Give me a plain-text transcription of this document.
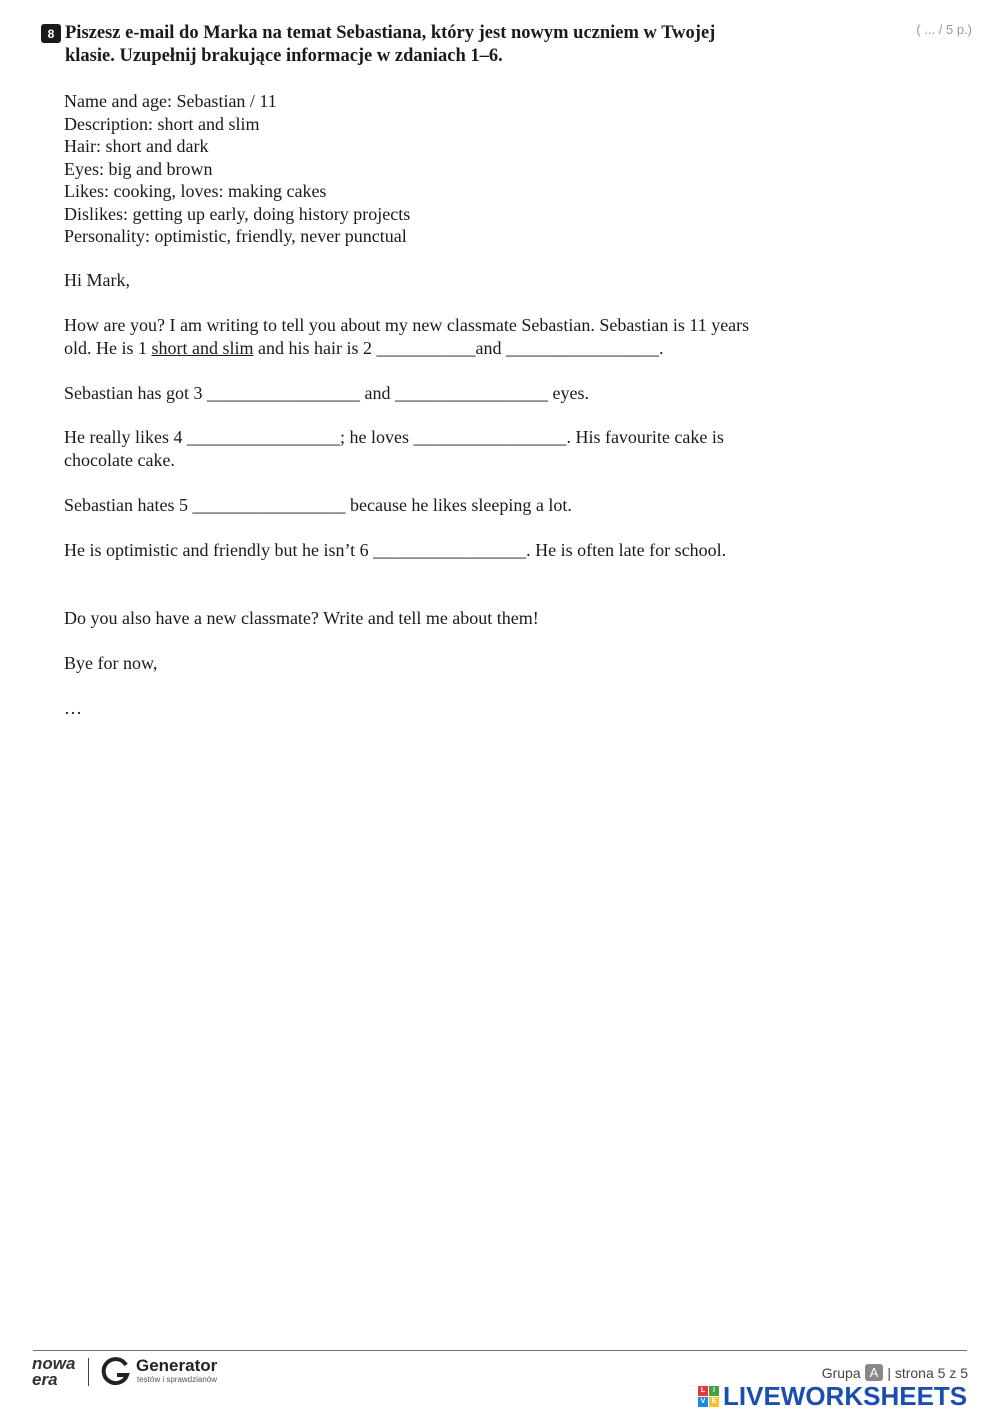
8 Piszesz e-mail do Marka na temat Sebastiana, który jest nowym uczniem w Twojej klasie. Uzupełnij brakujące informacje w zdaniach 1–6.
( ... / 5 p.)
Name and age: Sebastian / 11
Description: short and slim
Hair: short and dark
Eyes: big and brown
Likes: cooking, loves: making cakes
Dislikes: getting up early, doing history projects
Personality: optimistic, friendly, never punctual
Hi Mark,
How are you? I am writing to tell you about my new classmate Sebastian. Sebastian is 11 years old. He is 1 short and slim and his hair is 2 ___________and _________________.
Sebastian has got 3 _________________ and _________________ eyes.
He really likes 4 _________________; he loves _________________. His favourite cake is chocolate cake.
Sebastian hates 5 _________________ because he likes sleeping a lot.
He is optimistic and friendly but he isn’t 6 _________________. He is often late for school.
Do you also have a new classmate? Write and tell me about them!
Bye for now,
…
nowa
era
Generator
testów i sprawdzianów	Grupa A | strona 5 z 5
L	I
V E LIVEWORKSHEETS
